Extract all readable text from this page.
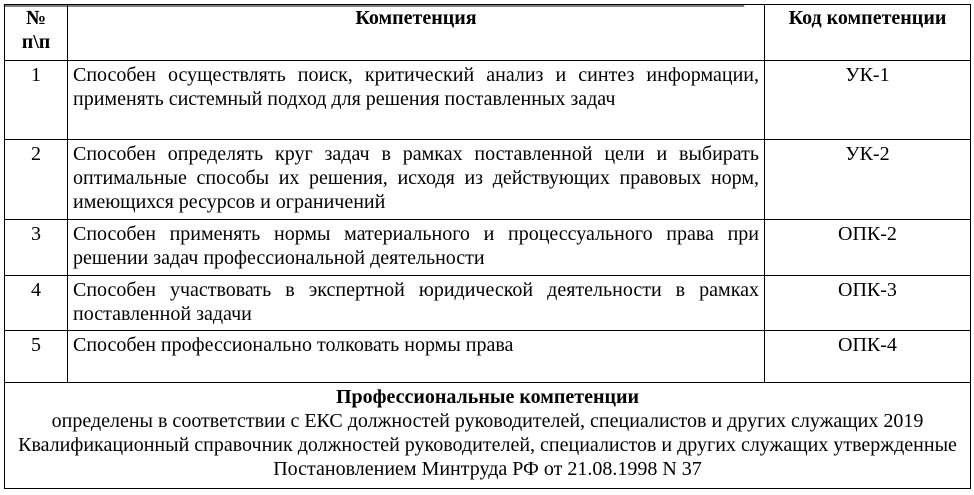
№
п\п	Компетенция	Код компетенции
1	Способен осуществлять поиск, критический анализ и синтез информации, применять системный подход для решения поставленных задач	УК-1
2	Способен определять круг задач в рамках поставленной цели и выбирать оптимальные способы их решения, исходя из действующих правовых норм, имеющихся ресурсов и ограничений	УК-2
3	Способен применять нормы материального и процессуального права при решении задач профессиональной деятельности	ОПК-2
4	Способен участвовать в экспертной юридической деятельности в рамках поставленной задачи	ОПК-3
5	Способен профессионально толковать нормы права	ОПК-4

Профессиональные компетенции
определены в соответствии с ЕКС должностей руководителей, специалистов и других служащих 2019 Квалификационный справочник должностей руководителей, специалистов и других служащих утвержденные Постановлением Минтруда РФ от 21.08.1998 N 37		
